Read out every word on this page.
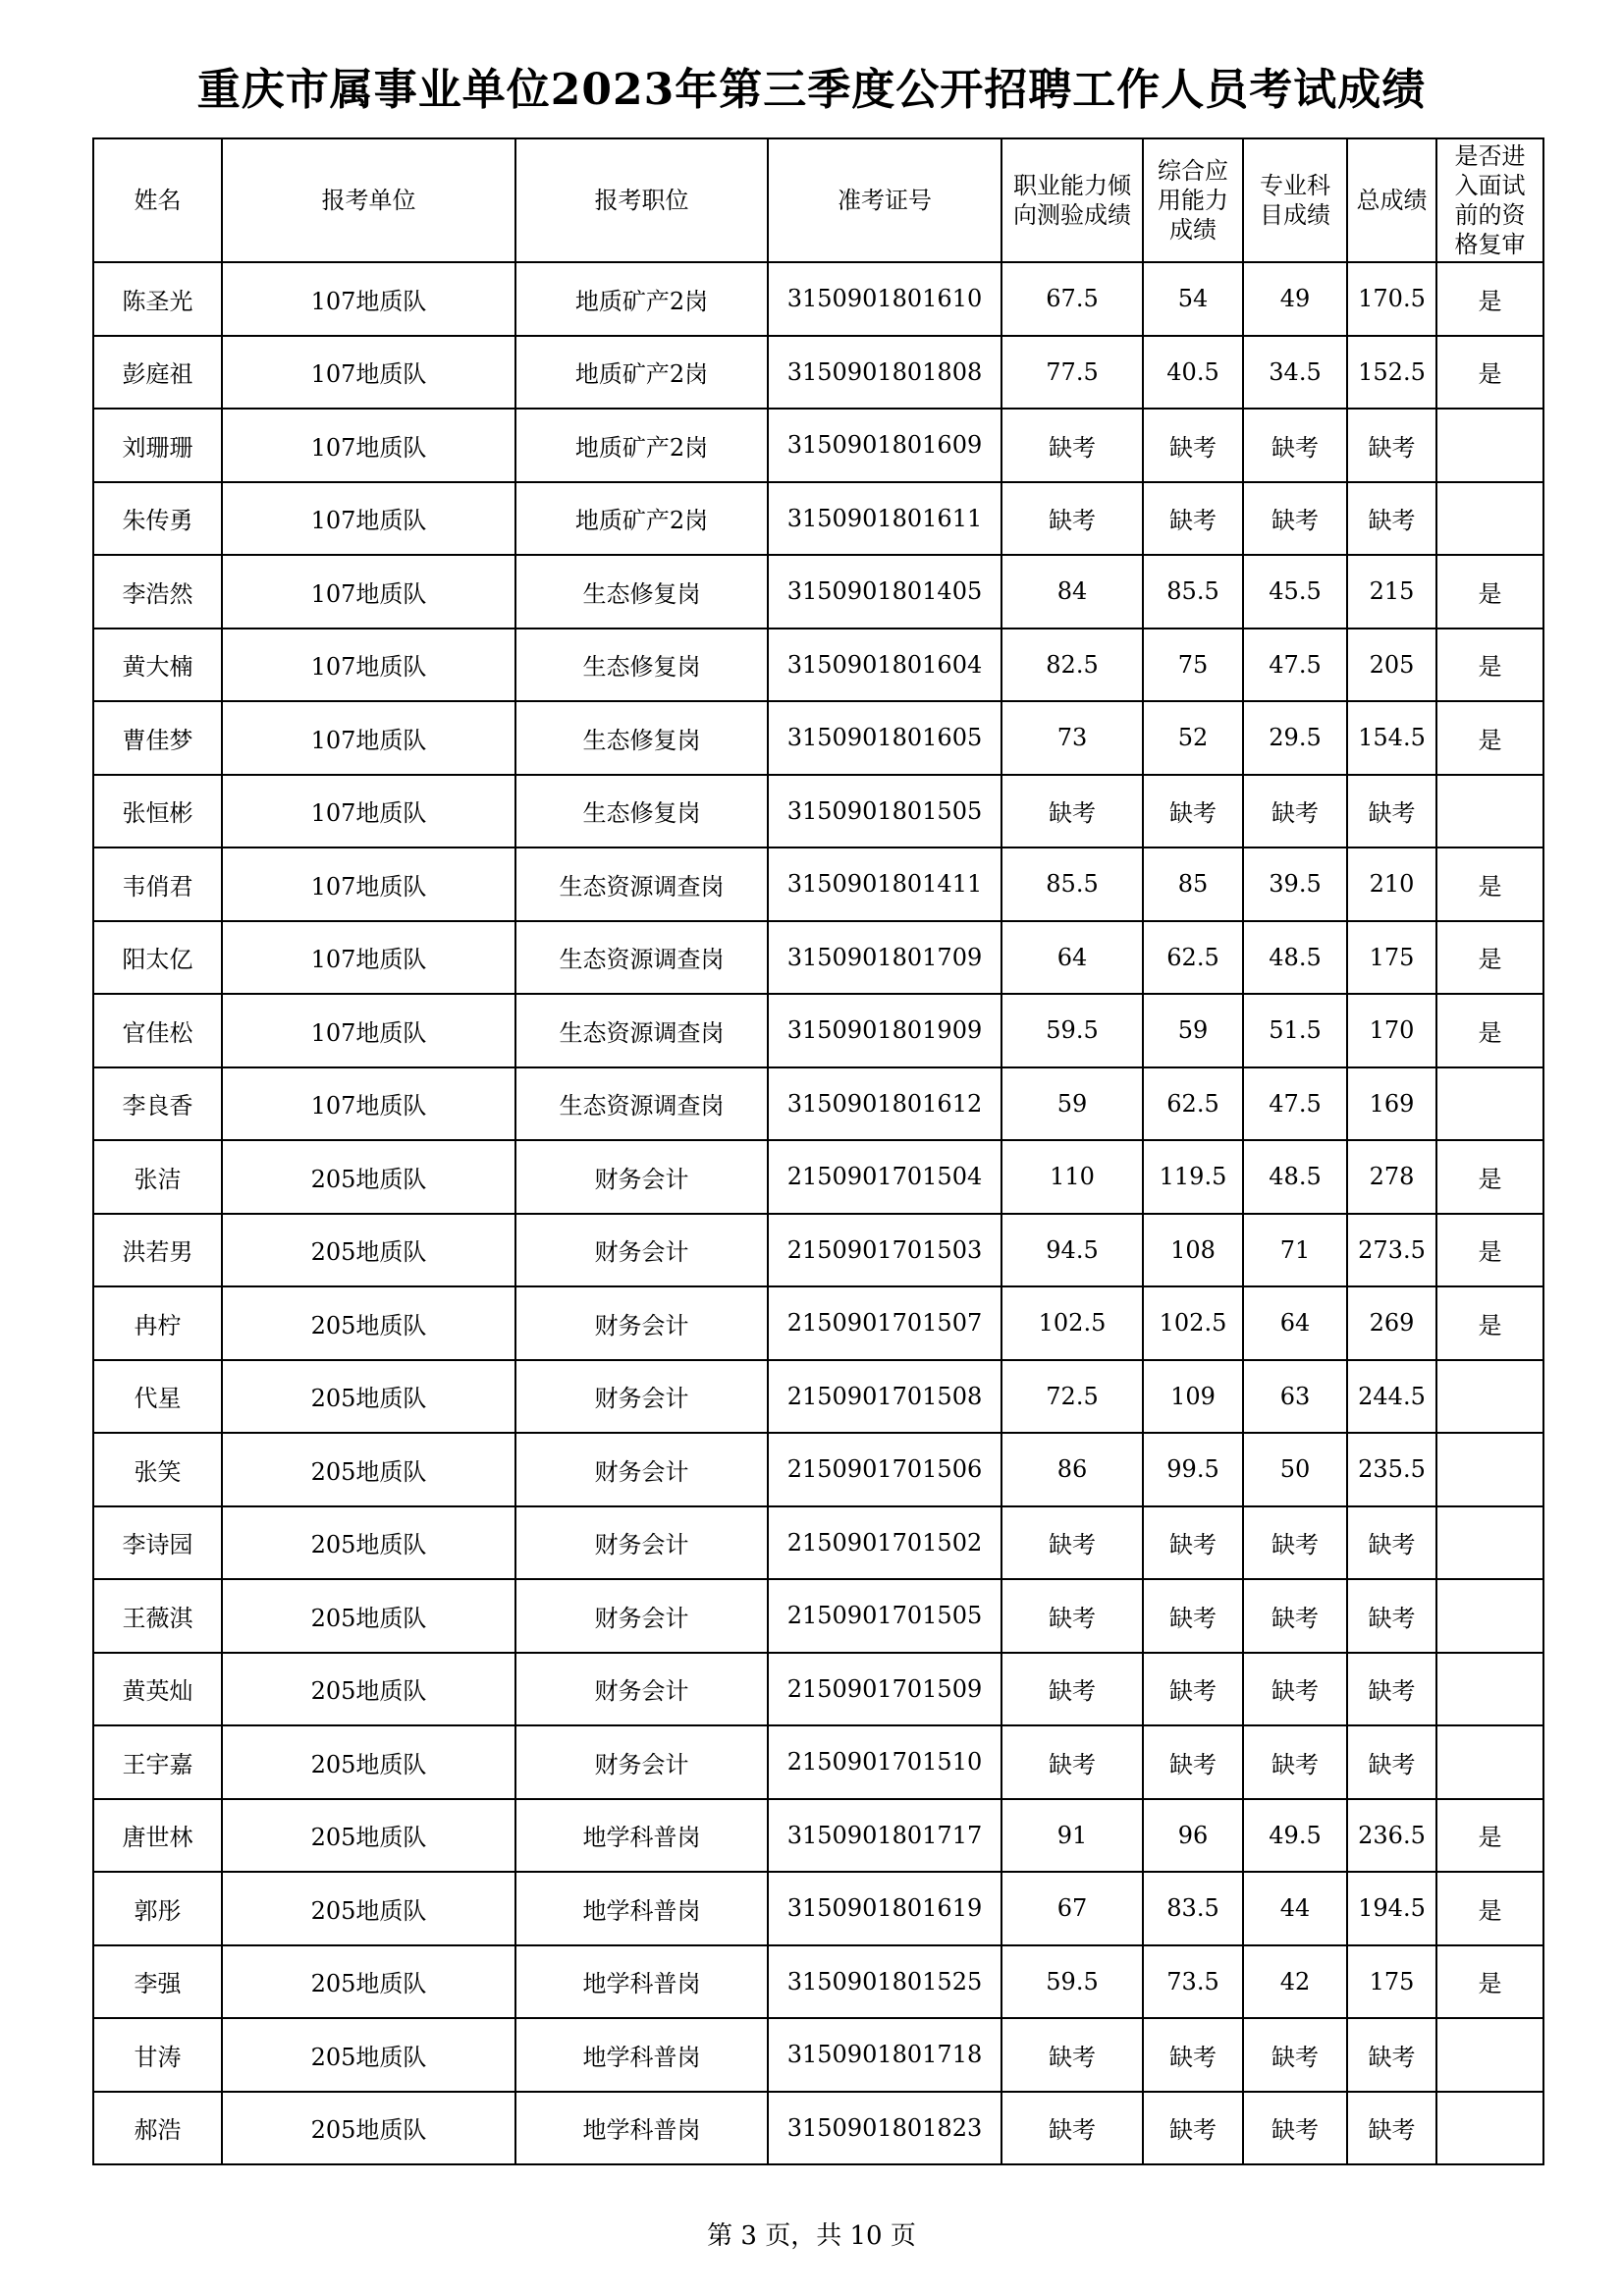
重庆市属事业单位2023年第三季度公开招聘工作人员考试成绩
姓名	报考单位	报考职位	准考证号	职业能力倾向测验成绩	综合应用能力成绩	专业科目成绩	总成绩	是否进入面试前的资格复审
陈圣光	107地质队	地质矿产2岗	3150901801610	67.5	54	49	170.5	是
彭庭祖	107地质队	地质矿产2岗	3150901801808	77.5	40.5	34.5	152.5	是
刘珊珊	107地质队	地质矿产2岗	3150901801609	缺考	缺考	缺考	缺考	
朱传勇	107地质队	地质矿产2岗	3150901801611	缺考	缺考	缺考	缺考	
李浩然	107地质队	生态修复岗	3150901801405	84	85.5	45.5	215	是
黄大楠	107地质队	生态修复岗	3150901801604	82.5	75	47.5	205	是
曹佳梦	107地质队	生态修复岗	3150901801605	73	52	29.5	154.5	是
张恒彬	107地质队	生态修复岗	3150901801505	缺考	缺考	缺考	缺考	
韦俏君	107地质队	生态资源调查岗	3150901801411	85.5	85	39.5	210	是
阳太亿	107地质队	生态资源调查岗	3150901801709	64	62.5	48.5	175	是
官佳松	107地质队	生态资源调查岗	3150901801909	59.5	59	51.5	170	是
李良香	107地质队	生态资源调查岗	3150901801612	59	62.5	47.5	169	
张洁	205地质队	财务会计	2150901701504	110	119.5	48.5	278	是
洪若男	205地质队	财务会计	2150901701503	94.5	108	71	273.5	是
冉柠	205地质队	财务会计	2150901701507	102.5	102.5	64	269	是
代星	205地质队	财务会计	2150901701508	72.5	109	63	244.5	
张笑	205地质队	财务会计	2150901701506	86	99.5	50	235.5	
李诗园	205地质队	财务会计	2150901701502	缺考	缺考	缺考	缺考	
王薇淇	205地质队	财务会计	2150901701505	缺考	缺考	缺考	缺考	
黄英灿	205地质队	财务会计	2150901701509	缺考	缺考	缺考	缺考	
王宇嘉	205地质队	财务会计	2150901701510	缺考	缺考	缺考	缺考	
唐世林	205地质队	地学科普岗	3150901801717	91	96	49.5	236.5	是
郭彤	205地质队	地学科普岗	3150901801619	67	83.5	44	194.5	是
李强	205地质队	地学科普岗	3150901801525	59.5	73.5	42	175	是
甘涛	205地质队	地学科普岗	3150901801718	缺考	缺考	缺考	缺考	
郝浩	205地质队	地学科普岗	3150901801823	缺考	缺考	缺考	缺考	
第 3 页，共 10 页
